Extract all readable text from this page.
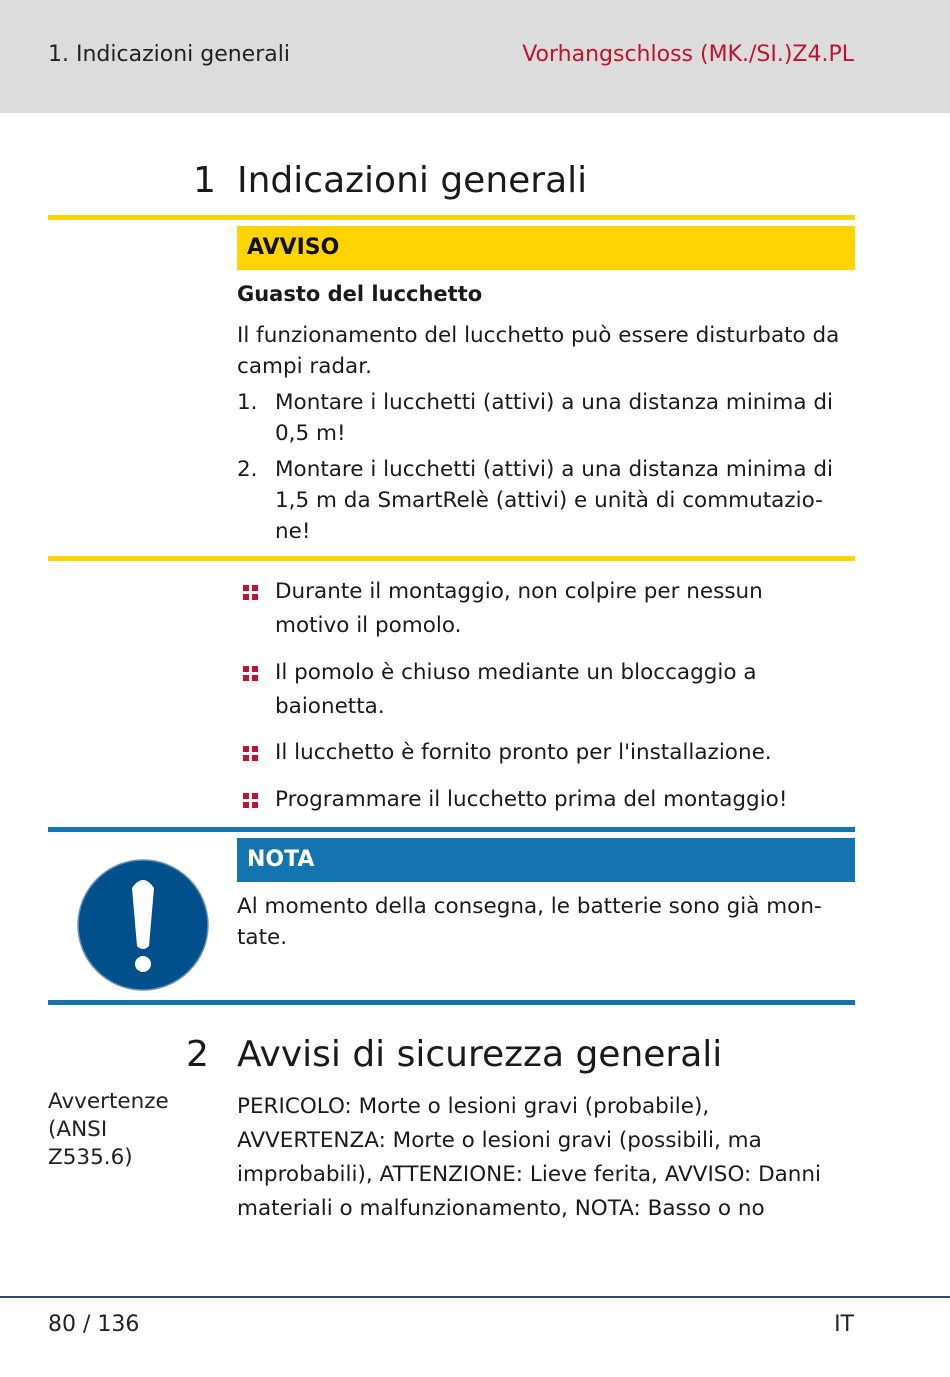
1. Indicazioni generali	Vorhangschloss (MK./SI.)Z4.PL
1 Indicazioni generali
AVVISO
Guasto del lucchetto
Il funzionamento del lucchetto può essere disturbato da campi radar.
1. Montare i lucchetti (attivi) a una distanza minima di 0,5 m!
2. Montare i lucchetti (attivi) a una distanza minima di 1,5 m da SmartRelè (attivi) e unità di commutazio-ne!
Durante il montaggio, non colpire per nessun motivo il pomolo.
Il pomolo è chiuso mediante un bloccaggio a baionetta.
Il lucchetto è fornito pronto per l'installazione.
Programmare il lucchetto prima del montaggio!
NOTA
Al momento della consegna, le batterie sono già mon-tate.
2 Avvisi di sicurezza generali
Avvertenze (ANSI Z535.6)
PERICOLO: Morte o lesioni gravi (probabile), AVVERTENZA: Morte o lesioni gravi (possibili, ma improbabili), ATTENZIONE: Lieve ferita, AVVISO: Danni materiali o malfunzionamento, NOTA: Basso o no
80 / 136	IT
